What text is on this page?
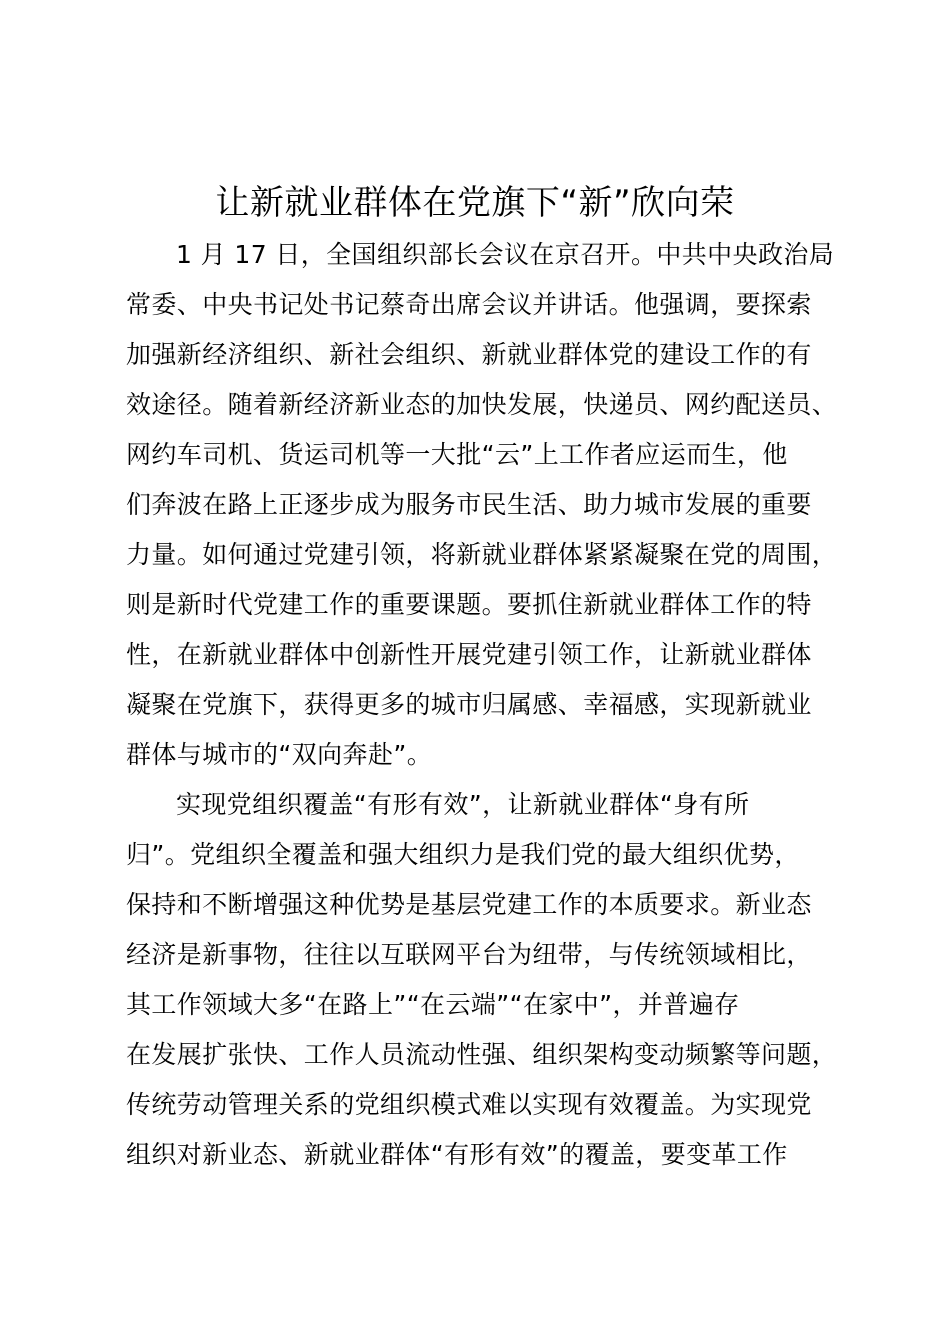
让新就业群体在党旗下“新”欣向荣
1 月 17 日，全国组织部长会议在京召开。中共中央政治局
常委、中央书记处书记蔡奇出席会议并讲话。他强调，要探索
加强新经济组织、新社会组织、新就业群体党的建设工作的有
效途径。随着新经济新业态的加快发展，快递员、网约配送员、
网约车司机、货运司机等一大批“云”上工作者应运而生，他
们奔波在路上正逐步成为服务市民生活、助力城市发展的重要
力量。如何通过党建引领，将新就业群体紧紧凝聚在党的周围，
则是新时代党建工作的重要课题。要抓住新就业群体工作的特
性，在新就业群体中创新性开展党建引领工作，让新就业群体
凝聚在党旗下，获得更多的城市归属感、幸福感，实现新就业
群体与城市的“双向奔赴”。
实现党组织覆盖“有形有效”，让新就业群体“身有所
归”。党组织全覆盖和强大组织力是我们党的最大组织优势，
保持和不断增强这种优势是基层党建工作的本质要求。新业态
经济是新事物，往往以互联网平台为纽带，与传统领域相比，
其工作领域大多“在路上”“在云端”“在家中”，并普遍存
在发展扩张快、工作人员流动性强、组织架构变动频繁等问题，
传统劳动管理关系的党组织模式难以实现有效覆盖。为实现党
组织对新业态、新就业群体“有形有效”的覆盖，要变革工作
